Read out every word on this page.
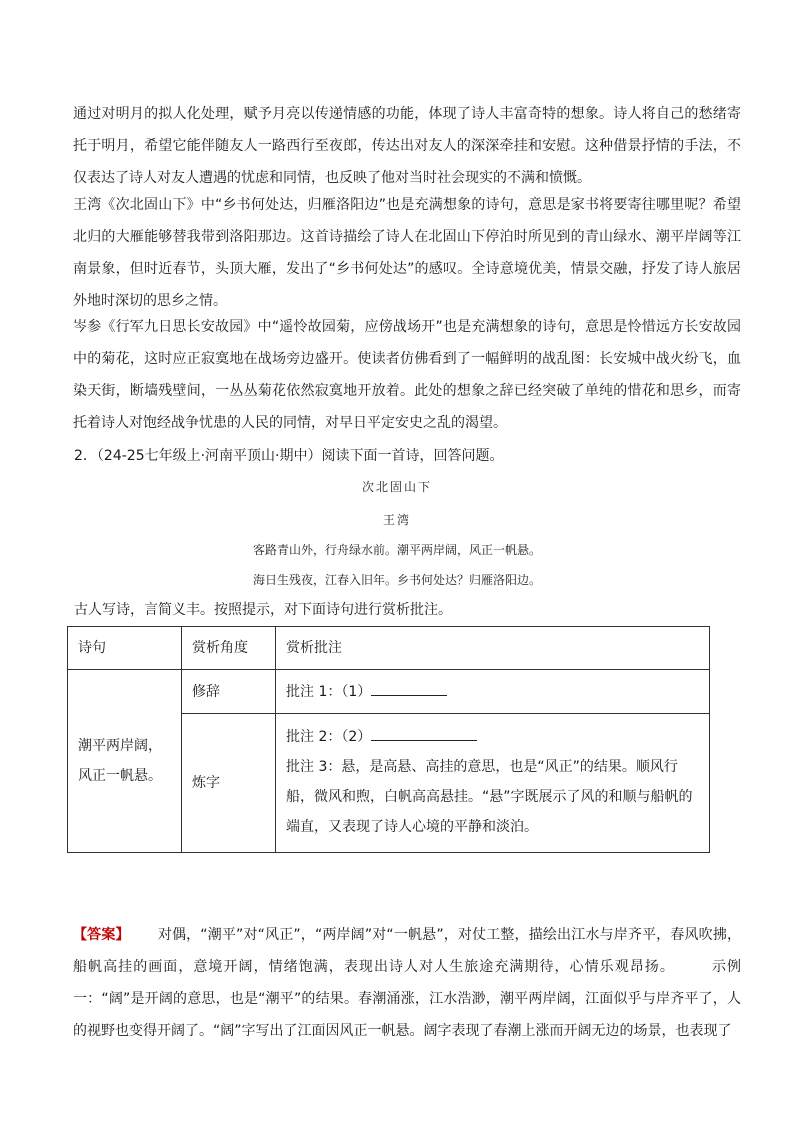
通过对明月的拟人化处理，赋予月亮以传递情感的功能，体现了诗人丰富奇特的想象。诗人将自己的愁绪寄托于明月，希望它能伴随友人一路西行至夜郎，传达出对友人的深深牵挂和安慰。这种借景抒情的手法，不仅表达了诗人对友人遭遇的忧虑和同情，也反映了他对当时社会现实的不满和愤慨。
王湾《次北固山下》中“乡书何处达，归雁洛阳边”也是充满想象的诗句，意思是家书将要寄往哪里呢？希望北归的大雁能够替我带到洛阳那边。这首诗描绘了诗人在北固山下停泊时所见到的青山绿水、潮平岸阔等江南景象，但时近春节，头顶大雁，发出了“乡书何处达”的感叹。全诗意境优美，情景交融，抒发了诗人旅居外地时深切的思乡之情。
岑参《行军九日思长安故园》中“遥怜故园菊，应傍战场开”也是充满想象的诗句，意思是怜惜远方长安故园中的菊花，这时应正寂寞地在战场旁边盛开。使读者仿佛看到了一幅鲜明的战乱图：长安城中战火纷飞，血染天街，断墙残壁间，一丛丛菊花依然寂寞地开放着。此处的想象之辞已经突破了单纯的惜花和思乡，而寄托着诗人对饱经战争忧患的人民的同情，对早日平定安史之乱的渴望。
2．（24-25七年级上·河南平顶山·期中）阅读下面一首诗，回答问题。
次北固山下
王湾
客路青山外，行舟绿水前。潮平两岸阔，风正一帆悬。
海日生残夜，江春入旧年。乡书何处达？归雁洛阳边。
古人写诗，言简义丰。按照提示，对下面诗句进行赏析批注。
诗句	赏析角度	赏析批注
潮平两岸阔，风正一帆悬。	修辞	批注 1：（1）
	炼字	批注 2：（2）
批注 3：悬，是高悬、高挂的意思，也是“风正”的结果。顺风行船，微风和煦，白帆高高悬挂。“悬”字既展示了风的和顺与船帆的端直，又表现了诗人心境的平静和淡泊。
【答案】 对偶，“潮平”对“风正”，“两岸阔”对“一帆悬”，对仗工整，描绘出江水与岸齐平，春风吹拂，船帆高挂的画面，意境开阔，情绪饱满，表现出诗人对人生旅途充满期待，心情乐观昂扬。	示例一：“阔”是开阔的意思，也是“潮平”的结果。春潮涌涨，江水浩渺，潮平两岸阔，江面似乎与岸齐平了，人的视野也变得开阔了。“阔”字写出了江面因风正一帆悬。阔字表现了春潮上涨而开阔无边的场景，也表现了
